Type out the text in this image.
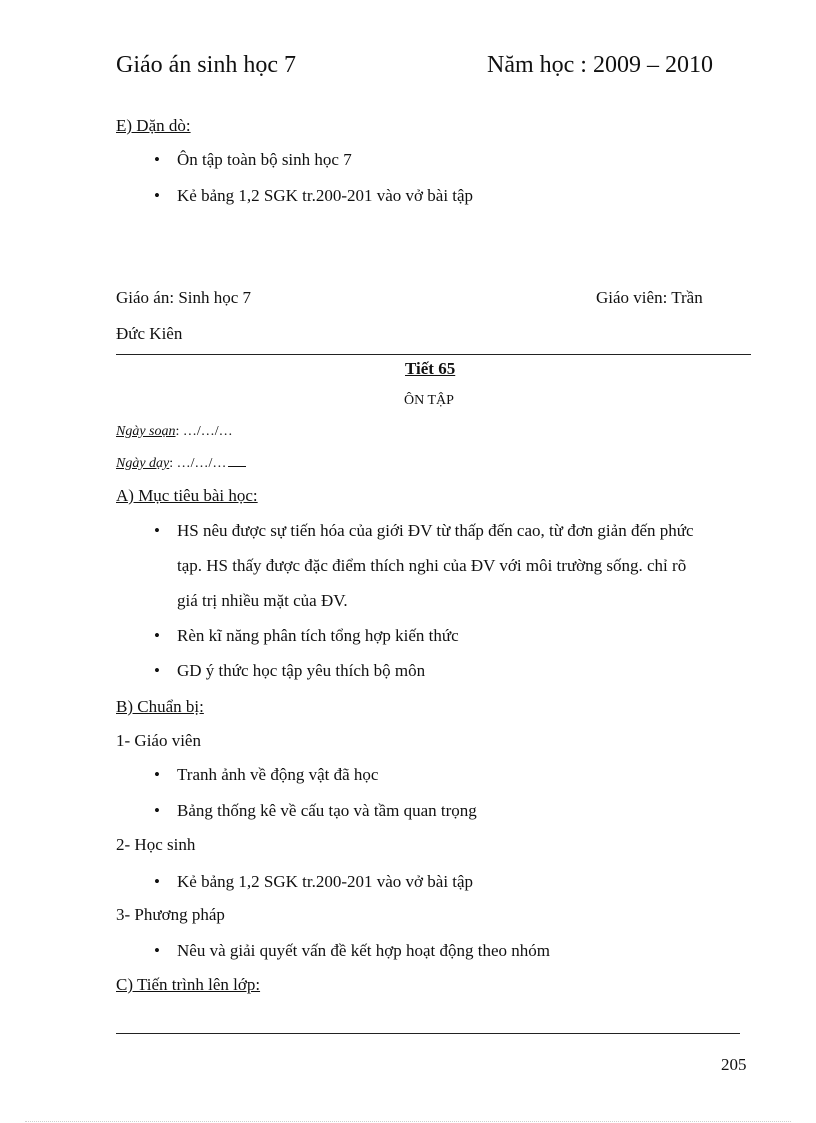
Giáo án sinh học 7	Năm học : 2009 – 2010
E) Dặn dò:
• Ôn tập toàn bộ sinh học 7
• Kẻ bảng 1,2 SGK tr.200-201 vào vở bài tập
Giáo án: Sinh học 7	Giáo viên: Trần
Đức Kiên
Tiết 65
ÔN TẬP
Ngày soạn: …/…/…
Ngày dạy: …/…/…
A) Mục tiêu bài học:
• HS nêu được sự tiến hóa của giới ĐV từ thấp đến cao, từ đơn giản đến phức
tạp. HS thấy được đặc điểm thích nghi của ĐV với môi trường sống. chỉ rõ
giá trị nhiều mặt của ĐV.
• Rèn kĩ năng phân tích tổng hợp kiến thức
• GD ý thức học tập yêu thích bộ môn
B) Chuẩn bị:
1- Giáo viên
• Tranh ảnh về động vật đã học
• Bảng thống kê về cấu tạo và tầm quan trọng
2- Học sinh
• Kẻ bảng 1,2 SGK tr.200-201 vào vở bài tập
3- Phương pháp
• Nêu và giải quyết vấn đề kết hợp hoạt động theo nhóm
C) Tiến trình lên lớp:
205
